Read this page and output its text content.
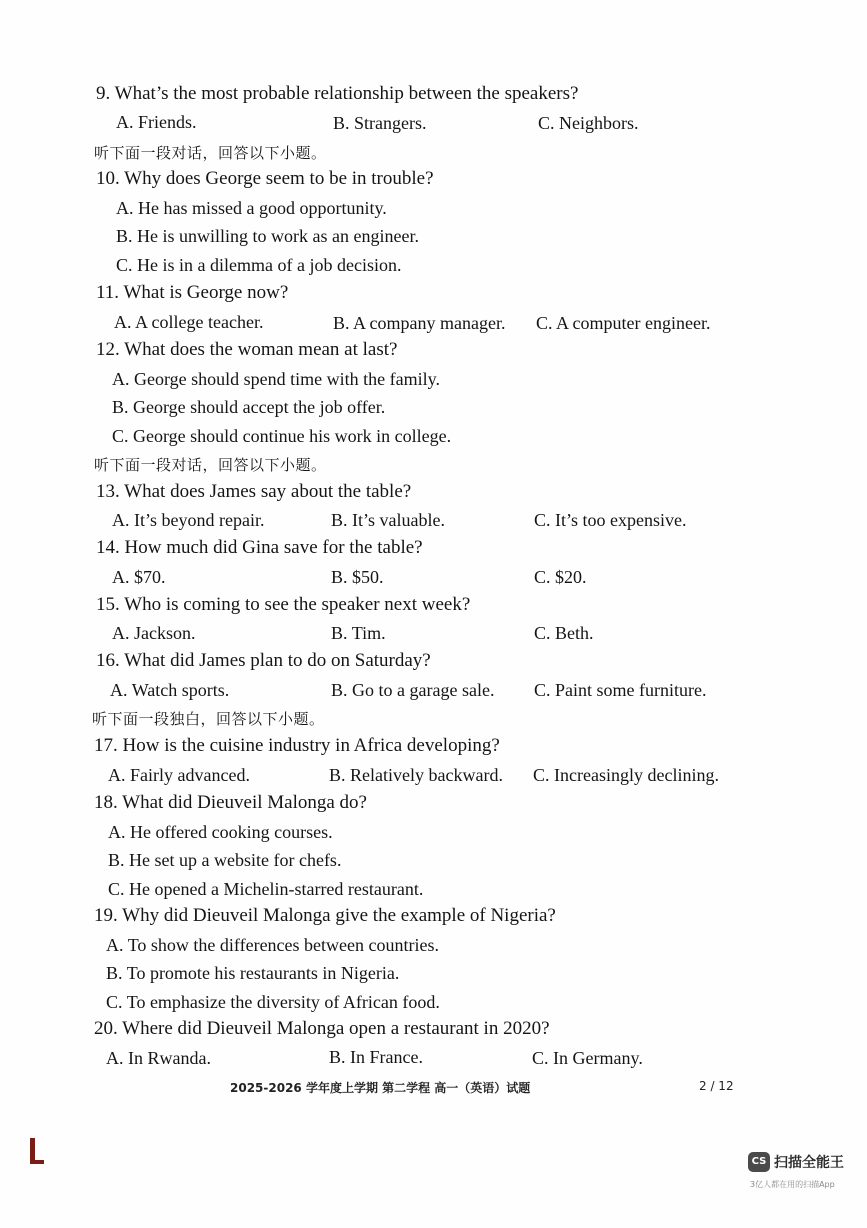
9. What’s the most probable relationship between the speakers?
A. Friends.	B. Strangers.	C. Neighbors.
听下面一段对话，回答以下小题。
10. Why does George seem to be in trouble?
A. He has missed a good opportunity.
B. He is unwilling to work as an engineer.
C. He is in a dilemma of a job decision.
11. What is George now?
A. A college teacher.	B. A company manager. C. A computer engineer.
12. What does the woman mean at last?
A. George should spend time with the family.
B. George should accept the job offer.
C. George should continue his work in college.
听下面一段对话，回答以下小题。
13. What does James say about the table?
A. It’s beyond repair.	B. It’s valuable.	C. It’s too expensive.
14. How much did Gina save for the table?
A. $70.	B. $50.	C. $20.
15. Who is coming to see the speaker next week?
A. Jackson.	B. Tim.	C. Beth.
16. What did James plan to do on Saturday?
A. Watch sports.	B. Go to a garage sale. C. Paint some furniture.
听下面一段独白，回答以下小题。
17. How is the cuisine industry in Africa developing?
A. Fairly advanced.	B. Relatively backward. C. Increasingly declining.
18. What did Dieuveil Malonga do?
A. He offered cooking courses.
B. He set up a website for chefs.
C. He opened a Michelin-starred restaurant.
19. Why did Dieuveil Malonga give the example of Nigeria?
A. To show the differences between countries.
B. To promote his restaurants in Nigeria.
C. To emphasize the diversity of African food.
20. Where did Dieuveil Malonga open a restaurant in 2020?
A. In Rwanda.	B. In France.	C. In Germany.
2025-2026 学年度上学期 第二学程 高一（英语）试题	2 / 12
CS 扫描全能王
3亿人都在用的扫描App
